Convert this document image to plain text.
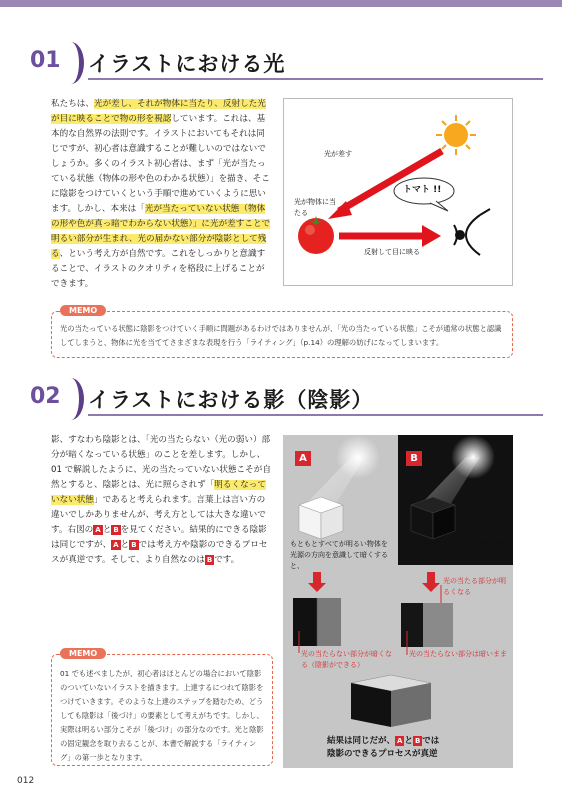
01 イラストにおける光
私たちは、光が差し、それが物体に当たり、反射した光が目に映ることで物の形を視認しています。これは、基本的な自然界の法則です。イラストにおいてもそれは同じですが、初心者は意識することが難しいのではないでしょうか。多くのイラスト初心者は、まず「光が当たっている状態（物体の形や色のわかる状態）」を描き、そこに陰影をつけていくという手順で進めていくように思います。しかし、本来は「光が当たっていない状態（物体の形や色が真っ暗でわからない状態）」に光が差すことで明るい部分が生まれ、光の届かない部分が陰影として残る、という考え方が自然です。これをしっかりと意識することで、イラストのクオリティを格段に上げることができます。
光が差す
光が物体に当たる
反射して目に映る
トマト !!
MEMO
光の当たっている状態に陰影をつけていく手順に問題があるわけではありませんが、「光の当たっている状態」こそが通常の状態と認識してしまうと、物体に光を当ててさまざまな表現を行う「ライティング」（p.14）の理解の妨げになってしまいます。
02 イラストにおける影（陰影）
影、すなわち陰影とは、「光の当たらない（光の弱い）部分が暗くなっている状態」のことを差します。しかし、01 で解説したように、光の当たっていない状態こそが自然とすると、陰影とは、光に照らされず「明るくなっていない状態」であると考えられます。言葉上は言い方の違いでしかありませんが、考え方としては大きな違いです。右図の A と B を見てください。結果的にできる陰影は同じですが、 A と B では考え方や陰影のできるプロセスが真逆です。そして、より自然なのは B です。
MEMO
01 でも述べましたが、初心者はほとんどの場合において陰影のついていないイラストを描きます。上達するにつれて陰影をつけていきます。そのような上達のステップを踏むため、どうしても陰影は「後づけ」の要素として考えがちです。しかし、実際は明るい部分こそが「後づけ」の部分なのです。光と陰影の固定観念を取り去ることが、本書で解説する「ライティング」の第一歩となります。
A	B
もともとすべてが明るい物体を光源の方向を意識して暗くすると、
光の当たっていない真っ暗な物体に光を当てると、
光の当たらない部分が暗くなる（陰影ができる）
光の当たる部分が明るくなる
光の当たらない部分は暗いまま
結果は同じだが、 A と B では
陰影のできるプロセスが真逆
012
